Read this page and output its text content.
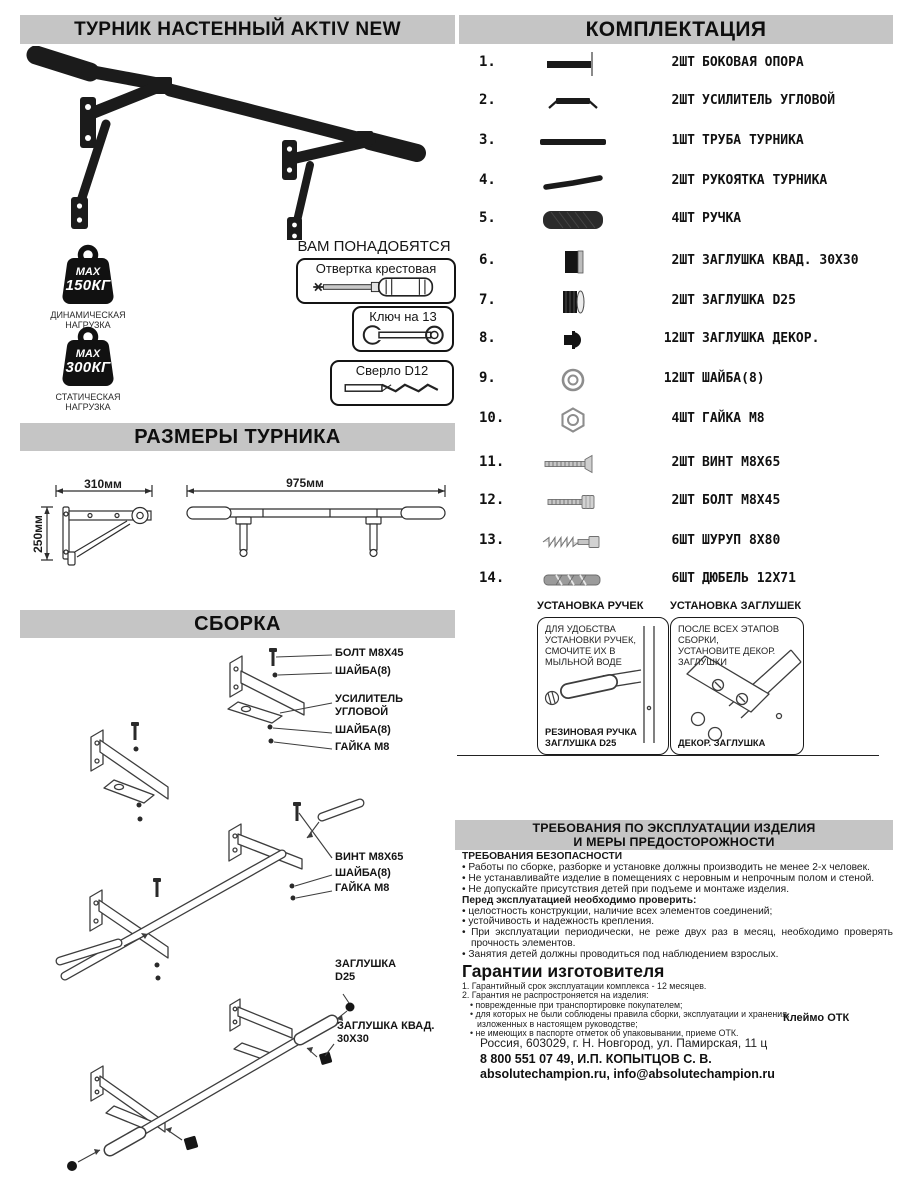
ТУРНИК НАСТЕННЫЙ AKTIV NEW
MAX
150КГ
ДИНАМИЧЕСКАЯ
НАГРУЗКА
MAX
300КГ
СТАТИЧЕСКАЯ
НАГРУЗКА
ВАМ ПОНАДОБЯТСЯ
Отвертка крестовая
Ключ на 13
Сверло D12
РАЗМЕРЫ ТУРНИКА
310мм	975мм
250мм
СБОРКА
БОЛТ M8X45
ШАЙБА(8)
УСИЛИТЕЛЬ УГЛОВОЙ
ШАЙБА(8)
ГАЙКА M8
ВИНТ M8X65
ШАЙБА(8)
ГАЙКА M8
ЗАГЛУШКА D25
ЗАГЛУШКА КВАД. 30X30
КОМПЛЕКТАЦИЯ
1.	2ШТ БОКОВАЯ ОПОРА
2.	2ШТ УСИЛИТЕЛЬ УГЛОВОЙ
3.	1ШТ ТРУБА ТУРНИКА
4.	2ШТ РУКОЯТКА ТУРНИКА
5.	4ШТ РУЧКА
6.	2ШТ ЗАГЛУШКА КВАД. 30X30
7.	2ШТ ЗАГЛУШКА D25
8.	12ШТ ЗАГЛУШКА ДЕКОР.
9.	12ШТ ШАЙБА(8)
10.	4ШТ ГАЙКА М8
11.	2ШТ ВИНТ М8X65
12.	2ШТ БОЛТ М8X45
13.	6ШТ ШУРУП 8X80
14.	6ШТ ДЮБЕЛЬ 12X71
УСТАНОВКА РУЧЕК УСТАНОВКА ЗАГЛУШЕК
ДЛЯ УДОБСТВА УСТАНОВКИ РУЧЕК, СМОЧИТЕ ИХ В МЫЛЬНОЙ ВОДЕ
РЕЗИНОВАЯ РУЧКА
ЗАГЛУШКА D25
ПОСЛЕ ВСЕХ ЭТАПОВ СБОРКИ, УСТАНОВИТЕ ДЕКОР. ЗАГЛУШКИ
ДЕКОР. ЗАГЛУШКА
ТРЕБОВАНИЯ ПО ЭКСПЛУАТАЦИИ ИЗДЕЛИЯ
И МЕРЫ ПРЕДОСТОРОЖНОСТИ

ТРЕБОВАНИЯ БЕЗОПАСНОСТИ

• Работы по сборке, разборке и установке должны производить не менее 2-х человек.

• Не устанавливайте изделие в помещениях с неровным и непрочным полом и стеной.

• Не допускайте присутствия детей при подъеме и монтаже изделия.

Перед эксплуатацией необходимо проверить:

• целостность конструкции, наличие всех элементов соединений;

• устойчивость и надежность крепления.

• При эксплуатации периодически, не реже двух раз в месяц, необходимо проверять прочность элементов.

• Занятия детей должны проводиться под наблюдением взрослых.

Гарантии изготовителя

1. Гарантийный срок эксплуатации комплекса - 12 месяцев.

2. Гарантия не распростроняется на изделия:

• поврежденные при транспортировке покупателем;

• для которых не были соблюдены правила сборки, эксплуатации и хранения, изложенных в настоящем руководстве;

• не имеющих в паспорте отметок об упаковывании, приеме ОТК.

Клеймо ОТК

Россия, 603029, г. Н. Новгород, ул. Памирская, 11 ц

8 800 551 07 49, И.П. КОПЫТЦОВ С. В.

absolutechampion.ru, info@absolutechampion.ru
